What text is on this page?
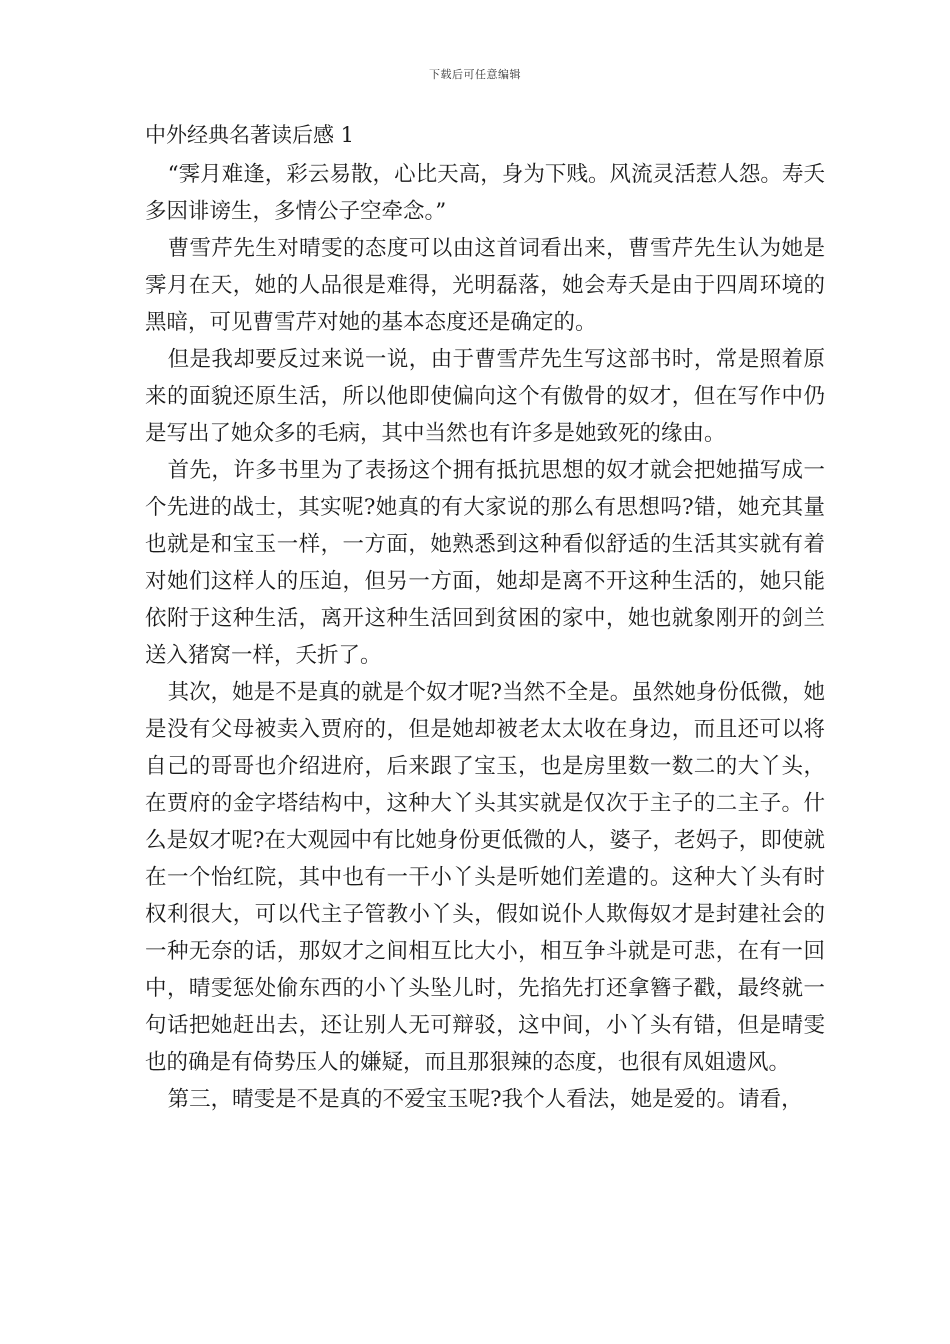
下载后可任意编辑
中外经典名著读后感 1

“霁月难逢，彩云易散，心比天高，身为下贱。风流灵活惹人怨。寿夭多因诽谤生，多情公子空牵念。”

曹雪芹先生对晴雯的态度可以由这首词看出来，曹雪芹先生认为她是霁月在天，她的人品很是难得，光明磊落，她会寿夭是由于四周环境的黑暗，可见曹雪芹对她的基本态度还是确定的。

但是我却要反过来说一说，由于曹雪芹先生写这部书时，常是照着原来的面貌还原生活，所以他即使偏向这个有傲骨的奴才，但在写作中仍是写出了她众多的毛病，其中当然也有许多是她致死的缘由。

首先，许多书里为了表扬这个拥有抵抗思想的奴才就会把她描写成一个先进的战士，其实呢?她真的有大家说的那么有思想吗?错，她充其量也就是和宝玉一样，一方面，她熟悉到这种看似舒适的生活其实就有着对她们这样人的压迫，但另一方面，她却是离不开这种生活的，她只能依附于这种生活，离开这种生活回到贫困的家中，她也就象刚开的剑兰送入猪窝一样，夭折了。

其次，她是不是真的就是个奴才呢?当然不全是。虽然她身份低微，她是没有父母被卖入贾府的，但是她却被老太太收在身边，而且还可以将自己的哥哥也介绍进府，后来跟了宝玉，也是房里数一数二的大丫头，在贾府的金字塔结构中，这种大丫头其实就是仅次于主子的二主子。什么是奴才呢?在大观园中有比她身份更低微的人，婆子，老妈子，即使就在一个怡红院，其中也有一干小丫头是听她们差遣的。这种大丫头有时权利很大，可以代主子管教小丫头，假如说仆人欺侮奴才是封建社会的一种无奈的话，那奴才之间相互比大小，相互争斗就是可悲，在有一回中，晴雯惩处偷东西的小丫头坠儿时，先掐先打还拿簪子戳，最终就一句话把她赶出去，还让别人无可辩驳，这中间，小丫头有错，但是晴雯也的确是有倚势压人的嫌疑，而且那狠辣的态度，也很有凤姐遗风。

第三，晴雯是不是真的不爱宝玉呢?我个人看法，她是爱的。请看，
